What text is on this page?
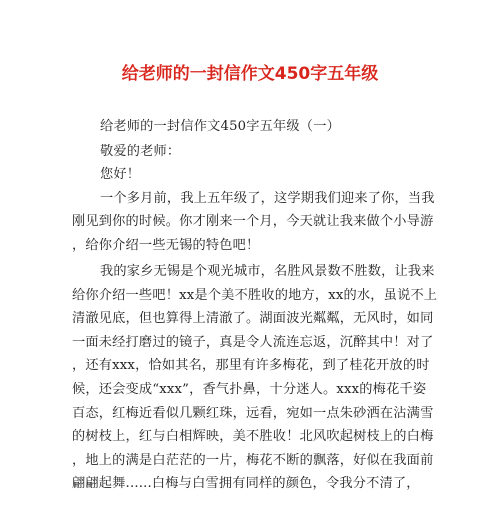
给老师的一封信作文450字五年级
给老师的一封信作文450字五年级（一）
敬爱的老师：
您好！
一个多月前，我上五年级了，这学期我们迎来了你，当我
刚见到你的时候。你才刚来一个月，今天就让我来做个小导游
，给你介绍一些无锡的特色吧！
我的家乡无锡是个观光城市，名胜风景数不胜数，让我来
给你介绍一些吧！xx是个美不胜收的地方，xx的水，虽说不上
清澈见底，但也算得上清澈了。湖面波光粼粼，无风时，如同
一面未经打磨过的镜子，真是令人流连忘返，沉醉其中！对了
，还有xxx，恰如其名，那里有许多梅花，到了桂花开放的时
候，还会变成“xxx”，香气扑鼻，十分迷人。xxx的梅花千姿
百态，红梅近看似几颗红珠，远看，宛如一点朱砂洒在沾满雪
的树枝上，红与白相辉映，美不胜收！北风吹起树枝上的白梅
，地上的满是白茫茫的一片，梅花不断的飘落，好似在我面前
翩翩起舞......白梅与白雪拥有同样的颜色，令我分不清了，
